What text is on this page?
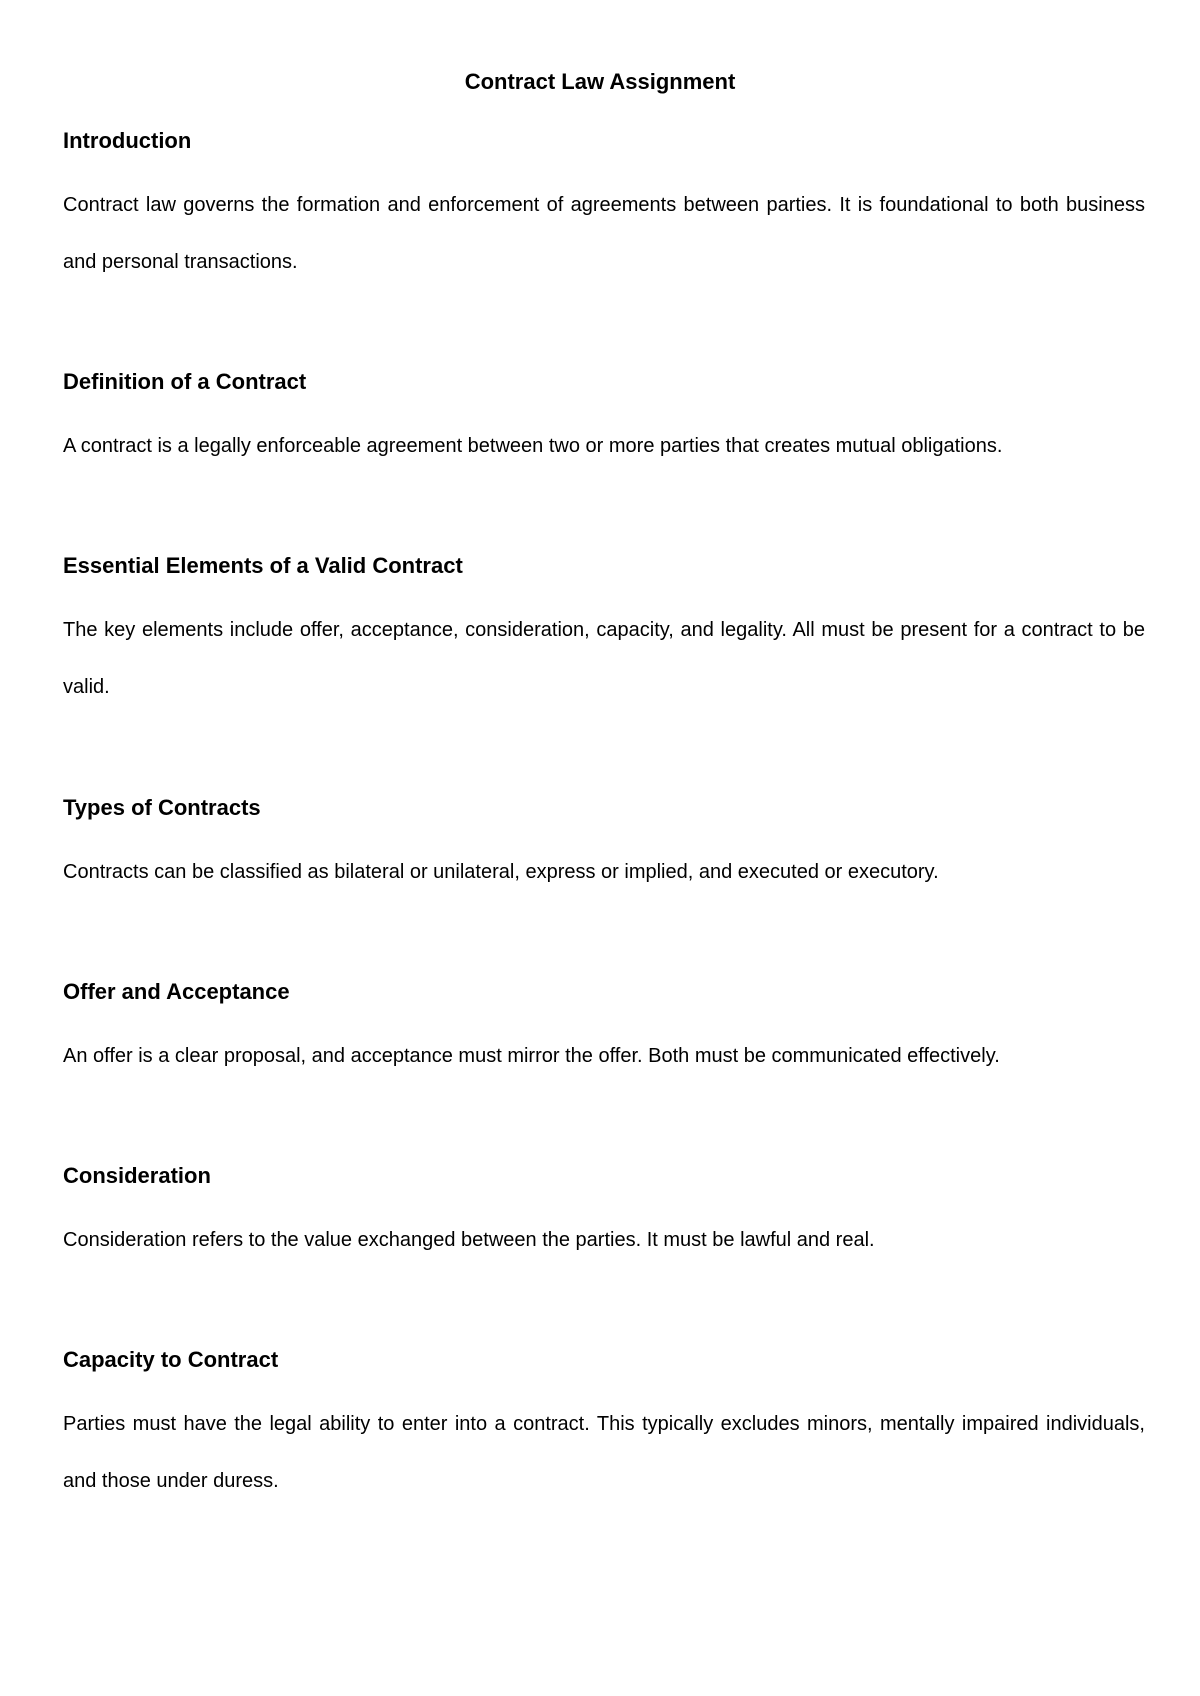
Contract Law Assignment
Introduction

Contract law governs the formation and enforcement of agreements between parties. It is foundational to both business and personal transactions.

Definition of a Contract

A contract is a legally enforceable agreement between two or more parties that creates mutual obligations.

Essential Elements of a Valid Contract

The key elements include offer, acceptance, consideration, capacity, and legality. All must be present for a contract to be valid.

Types of Contracts

Contracts can be classified as bilateral or unilateral, express or implied, and executed or executory.

Offer and Acceptance

An offer is a clear proposal, and acceptance must mirror the offer. Both must be communicated effectively.

Consideration

Consideration refers to the value exchanged between the parties. It must be lawful and real.

Capacity to Contract

Parties must have the legal ability to enter into a contract. This typically excludes minors, mentally impaired individuals, and those under duress.
